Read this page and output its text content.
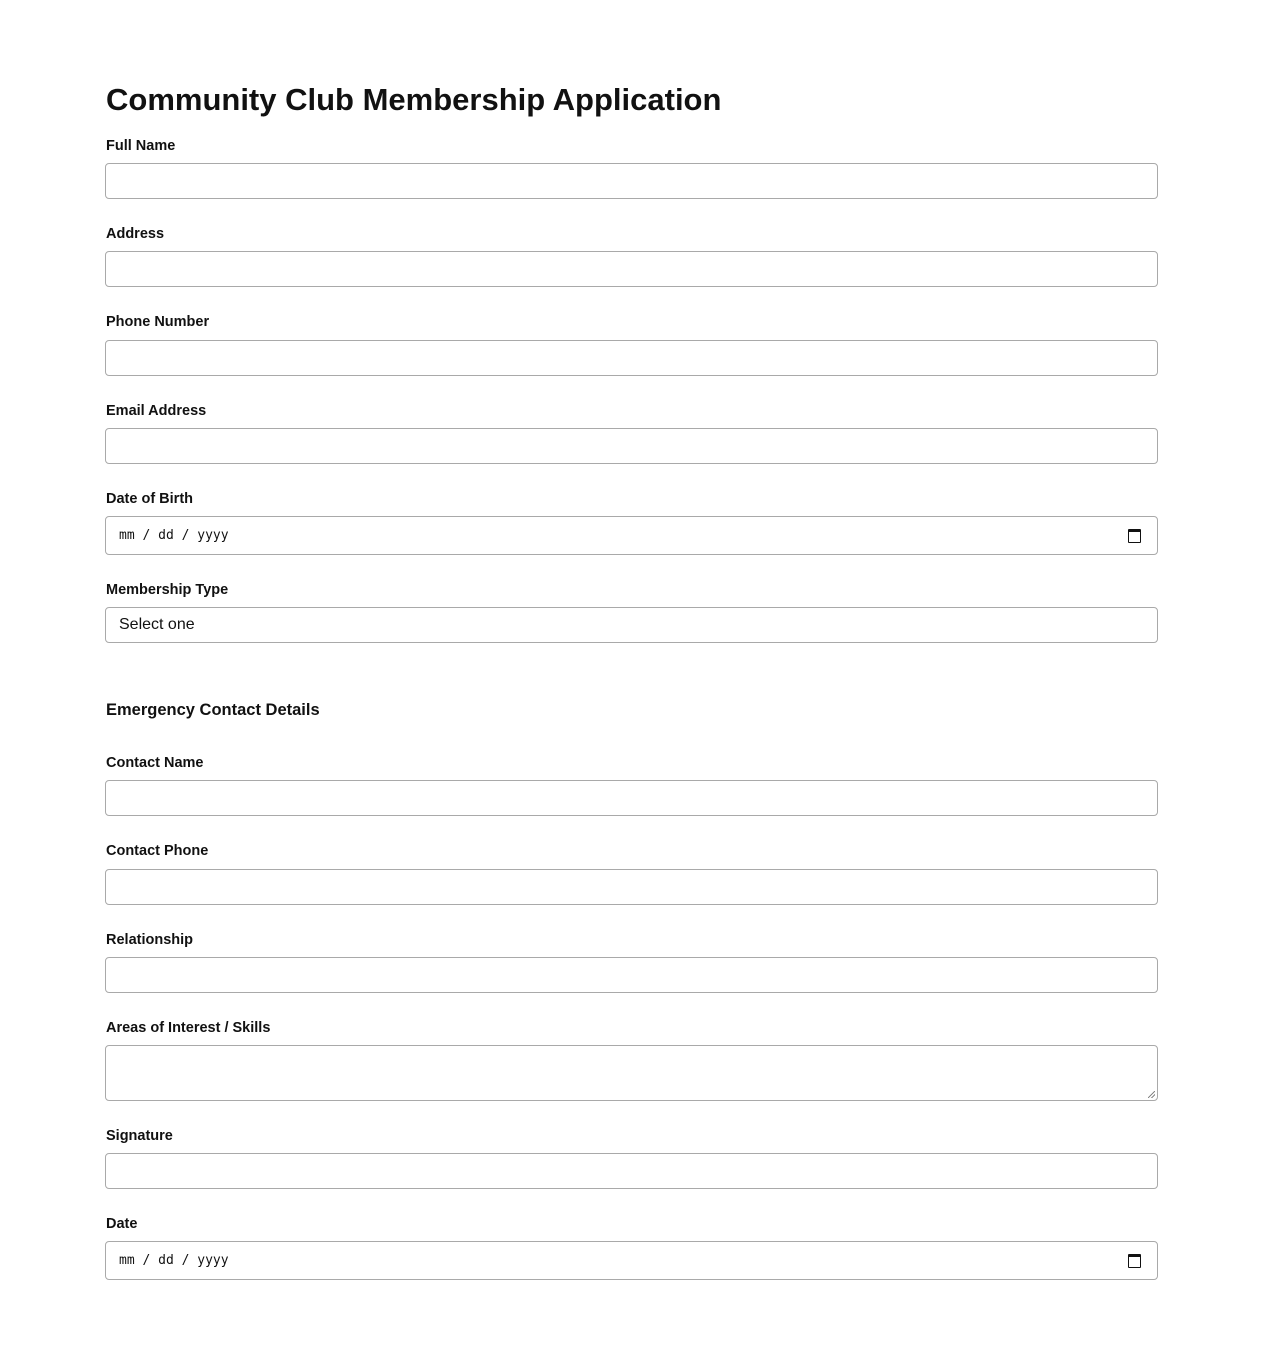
Community Club Membership Application
Full Name
Address
Phone Number
Email Address
Date of Birth
mm / dd / yyyy
Membership Type
Select one
Emergency Contact Details
Contact Name
Contact Phone
Relationship
Areas of Interest / Skills
Signature
Date
mm / dd / yyyy
